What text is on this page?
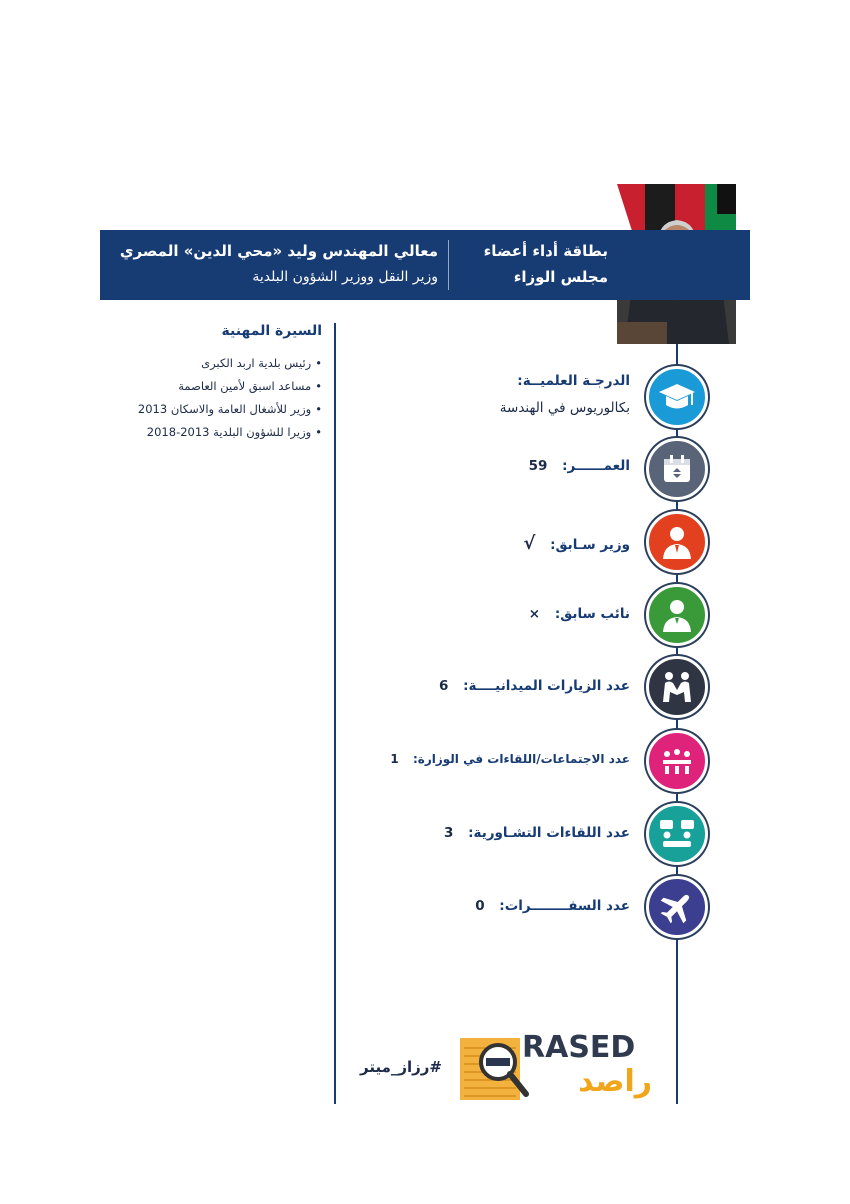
بطاقة أداء أعضاء
مجلس الوزاء
معالي المهندس وليد «محي الدين» المصري
وزير النقل ووزير الشؤون البلدية
السيرة المهنية
• رئيس بلدية اربد الكبرى
• مساعد اسبق لأمين العاصمة
• وزير للأشغال العامة والاسكان 2013
• وزيرا للشؤون البلدية 2013-2018
الدرجـة العلميــة:
بكالوريوس في الهندسة
العمــــــر: 59
وزير سـابق: √
نائب سابق: ×
عدد الزيارات الميدانيــــة: 6
عدد الاجتماعات/اللقاءات في الوزارة: 1
عدد اللقاءات التشـاورية: 3
عدد السفــــــــرات: 0
#رزاز_ميتر
RASED
راصد
